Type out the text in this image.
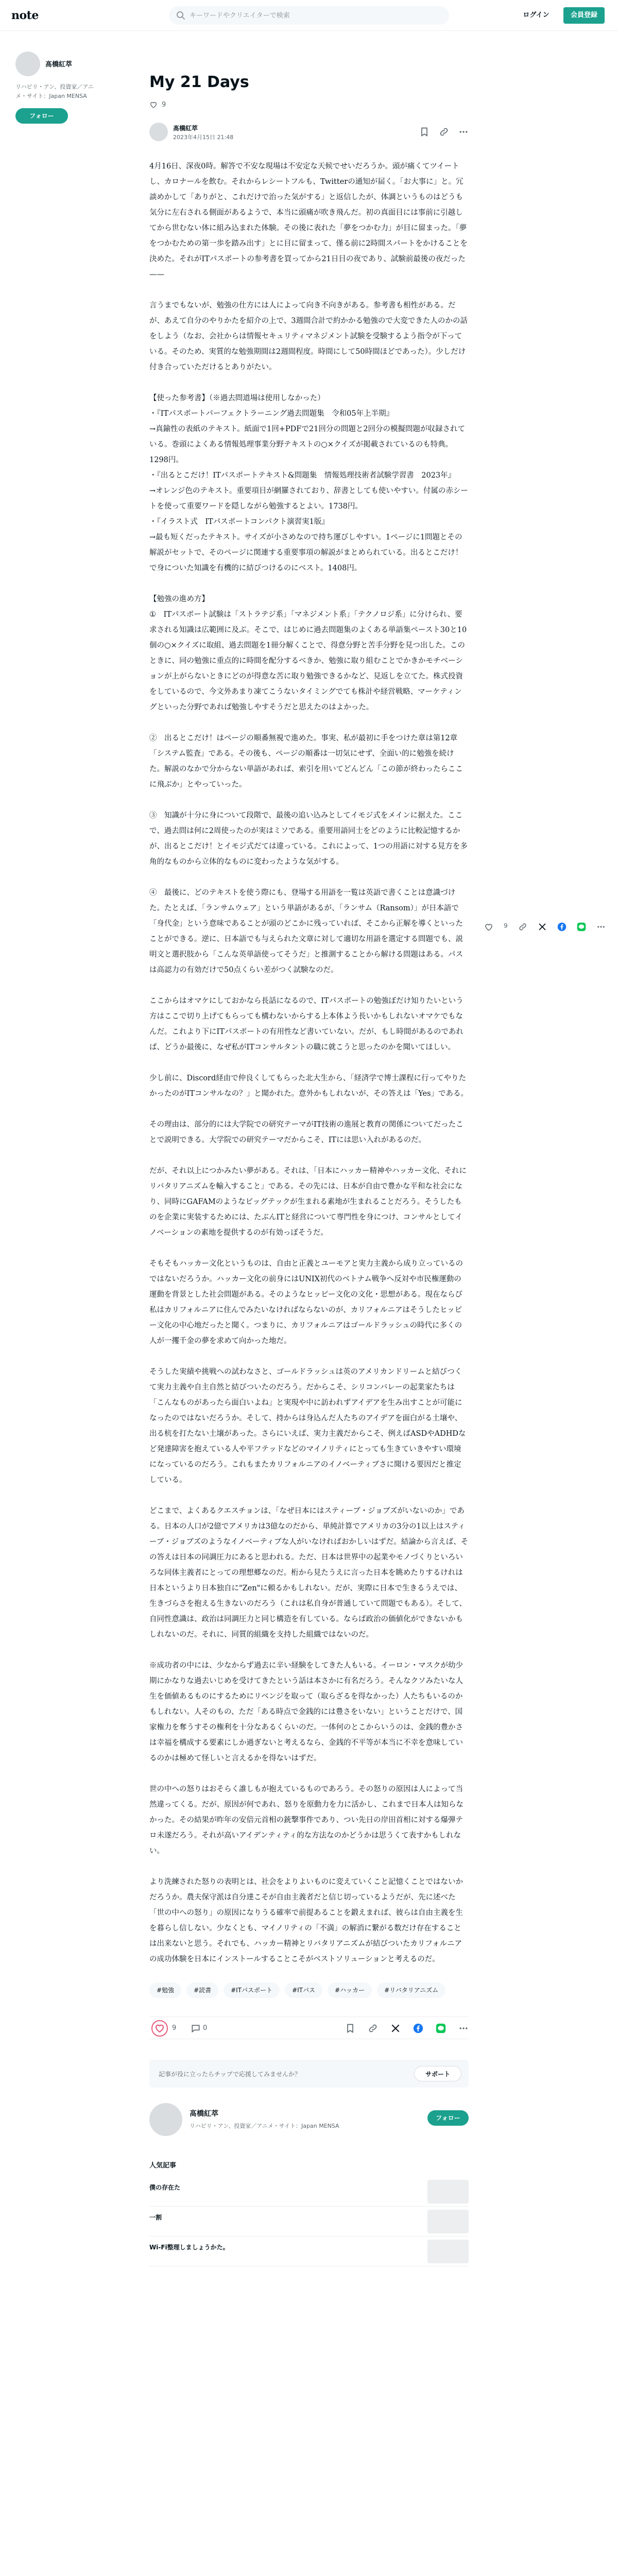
note
キーワードやクリエイターで検索	ログイン	会員登録
髙橋紅萃
リハビリ・アン、投資家／アニメ・サイト：Japan MENSA
フォロー
9
My 21 Days
9
髙橋紅萃
2023年4月15日 21:48

4月16日、深夜0時。解答で不安な現場は不安定な天候でせいだろうか。頭が痛くてツイートし、カロナールを飲む。それからレシートフルも、Twitterの通知が届く。「お大事に」と。冗談めかして「ありがと、これだけで治った気がする」と返信したが、体調というものはどうも気分に左右される側面があるようで、本当に頭痛が吹き飛んだ。初の真面目には事前に引越してから世むない体に組み込まれた体験。その後に表れた「夢をつかむ力」が目に留まった。「夢をつかむための第一歩を踏み出す」とに目に留まって、僅る前に2時間スパートをかけることを決めた。それがITパスポートの参考書を買ってから21日目の夜であり、試験前最後の夜だった——

言うまでもないが、勉強の仕方には人によって向き不向きがある。参考書も相性がある。だが、あえて自分のやりかたを紹介の上で、3週間合計で約かかる勉強ので大変できた人のかの話をしよう（なお、会社からは情報セキュリティマネジメント試験を受験するよう指令が下っている。そのため、実質的な勉強期間は2週間程度。時間にして50時間ほどであった）。少しだけ付き合っていただけるとありがたい。

【使った参考書】（※過去問道場は使用しなかった）
・『ITパスポートパーフェクトラーニング過去問題集　令和05年上半期』
→真鍮性の表紙のテキスト。紙面で1回+PDFで21回分の問題と2回分の模擬問題が収録されている。巻頭によくある情報処理事業分野テキストの○×クイズが掲載されているのも特典。1298円。
・『出るとこだけ！ITパスポートテキスト&問題集　情報処理技術者試験学習書　2023年』
→オレンジ色のテキスト。重要項目が網羅されており、辞書としても使いやすい。付属の赤シートを使って重要ワードを隠しながら勉強するとよい。1738円。
・『イラスト式　ITパスポートコンパクト演習実1版』
→最も短くだったテキスト。サイズが小さめなので持ち運びしやすい。1ページに1問題とその解説がセットで、そのページに関連する重要事項の解説がまとめられている。出るとこだけ！で身についた知識を有機的に結びつけるのにベスト。1408円。

【勉強の進め方】
①　ITパスポート試験は「ストラテジ系」「マネジメント系」「テクノロジ系」に分けられ、要求される知識は広範囲に及ぶ。そこで、はじめに過去問題集のよくある単語集ペースト30と10個の○×クイズに取組、過去問題を1冊分解くことで、得意分野と苦手分野を見つ出した。このときに、同の勉強に重点的に時間を配分するべきか、勉強に取り組むことでかきかモチベーションが上がらないときにどのが得意な苦に取り勉強できるかなど、見返しを立てた。株式投資をしているので、今文外あまり凍てこうないタイミングでても株計や経営戦略、マーケティングといった分野であれば勉強しやすそうだと思えたのはよかった。

②　出るとこだけ！はページの順番無視で進めた。事実、私が最初に手をつけた章は第12章「システム監査」である。その後も、ページの順番は一切気にせず、全面い的に勉強を続けた。解説のなかで分からない単語があれば、索引を用いてどんどん「この節が終わったらここに飛ぶか」とやっていった。

③　知識が十分に身について段階で、最後の追い込みとしてイモジ式をメインに据えた。ここで、過去問は何に2周使ったのが実はミソである。重要用語同士をどのように比較記憶するかが、出るとこだけ！とイモジ式だては違っている。これによって、1つの用語に対する見方を多角的なものから立体的なものに変わったような気がする。

④　最後に、どのテキストを使う際にも、登場する用語を一覧は英語で書くことは意識づけた。たとえば、「ランサムウェア」という単語があるが、「ランサム（Ransom）」が日本語で「身代金」という意味であることが頭のどこかに残っていれば、そこから正解を導くといったことができる。逆に、日本語でも与えられた文章に対して適切な用語を選定する問題でも、説明文と選択肢から「こんな英単語使ってそうだ」と推測することから解ける問題はある。パスは高認力の有効だけで50点くらい差がつく試験なのだ。

ここからはオマケにしておかなら長話になるので、ITパスポートの勉強ぼだけ知りたいという方はここで切り上げてもらっても構わないからする上本体よう長いかもしれないオマケでもなんだ。これより下にITパスポートの有用性など書いていない。だが、もし時間があるのであれば、どうか最後に、なぜ私がITコンサルタントの職に就こうと思ったのかを聞いてほしい。

少し前に、Discord経由で仲良くしてもらった北大生から、「経済学で博士課程に行ってやりたかったのがITコンサルなの？」と聞かれた。意外かもしれないが、その答えは「Yes」である。

その理由は、部分的には大学院での研究テーマがIT技術の進展と教育の関係についてだったことで説明できる。大学院での研究テーマだからこそ、ITには思い入れがあるのだ。

だが、それ以上につかみたい夢がある。それは、「日本にハッカー精神やハッカー文化、それにリバタリアニズムを輸入すること」である。その先には、日本が自由で豊かな平和な社会になり、同時にGAFAMのようなビッグテックが生まれる素地が生まれることだろう。そうしたものを企業に実装するためには、たぶんITと経営について専門性を身につけ、コンサルとしてイノベーションの素地を提供するのが有効っぽそうだ。

そもそもハッカー文化というものは、自由と正義とユーモアと実力主義から成り立っているのではないだろうか。ハッカー文化の前身にはUNIX初代のベトナム戦争へ反対や市民権運動の運動を背景とした社会問題がある。そのようなヒッピー文化の文化・思想がある。現在ならび私はカリフォルニアに住んでみたいなければならないのが、カリフォルニアはそうしたヒッピー文化の中心地だったと聞く。つまりに、カリフォルニアはゴールドラッシュの時代に多くの人が一攫千金の夢を求めて向かった地だ。

そうした実績や挑戦への試わなさと、ゴールドラッシュは英のアメリカンドリームと結びつくて実力主義や自主自然と結びついたのだろう。だからこそ、シリコンバレーの起業家たちは「こんなものがあったら面白いよね」と実現や中に訪われずアイデアを生み出すことが可能になったのではないだろうか。そして、持からは身込んだ人たちのアイデアを面白がる土壌や、出る杭を打たない土壌があった。さらにいえば、実力主義だからこそ、例えばASDやADHDなど発達障害を抱えている人や平フテッドなどのマイノリティにとっても生きていきやすい環境になっているのだろう。これもまたカリフォルニアのイノベーティブさに聞ける要因だと推定している。

どこまで、よくあるクエスチョンは、「なぜ日本にはスティーブ・ジョブズがいないのか」である。日本の人口が2億でアメリカは3億なのだから、単純計算でアメリカの3分の1以上はスティーブ・ジョブズのようなイノベーティブな人がいなければおかしいはずだ。結論から言えば、その答えは日本の同調圧力にあると思われる。ただ、日本は世界中の起業やモノづくりといろいろな同体主義者にとっての理想郷なのだ。桁から見たうえに言った日本を眺めたりするけれは日本というより日本独自に"Zen"に頼るかもしれない。だが、実際に日本で生きるうえでは、生きづらさを抱える生きないのだろう（これは私自身が普通していて問題でもある）。そして、自同性意識は、政治は同調圧力と同じ構造を有している。ならば政治の価値化ができないかもしれないのだ。それに、同質的組織を支持した組織ではないのだ。

※成功者の中には、少なからず過去に辛い経験をしてきた人もいる。イーロン・マスクが幼少期にかなりな過去いじめを受けてきたという話は本さかに有名だろう。そんなクソみたいな人生を価値あるものにするためにリベンジを取って（取らざるを得なかった）人たちもいるのかもしれない。人そのもの、ただ「ある時点で金銭的には豊さをいない」ということだけで、国家権力を奪うすその権利を十分なあるくらいのだ。一体何のとこからいうのは、金銭的豊かさは幸福を構成する要素にしか過ぎないと考えるなら、金銭的不平等が本当に不幸を意味しているのかは極めて怪しいと言えるかを得ないはずだ。

世の中への怒りはおそらく誰しもが抱えているものであろう。その怒りの原因は人によって当然違ってくる。だが、原因が何であれ、怒りを原動力を力に活かし、これまで日本人は知らなかった。その結果が昨年の安倍元首相の銃撃事件であり、つい先日の岸田首相に対する爆弾テロ未遂だろう。それが高いアイデンティティ的な方法なのかどうかは思うくて表すかもしれない。

より洗練された怒りの表明とは、社会をよりよいものに変えていくこと記憶くことではないかだろうか。農夫保守派は自分達こそが自由主義者だと信じ切っているようだが、先に述べた「世の中への怒り」の原因になりうる確率で前提あることを鍛えまれば、彼らは自由主義を生を暮らし信しない。少なくとも、マイノリティの「不満」の解消に繋がる数だけ存在することは出来ないと思う。それでも、ハッカー精神とリバタリアニズムが結びついたカリフォルニアの成功体験を日本にインストールすることこそがベストソリューションと考えるのだ。

#勉強	#読書	#ITパスポート	#ITパス	#ハッカー	#リバタリアニズム
9	0
記事が役に立ったらチップで応援してみませんか？	サポート
髙橋紅萃
リハビリ・アン、投資家／アニメ・サイト：Japan MENSA
フォロー
人気記事
僕の存在た
一割
Wi-Fi整理しましょうかた。
